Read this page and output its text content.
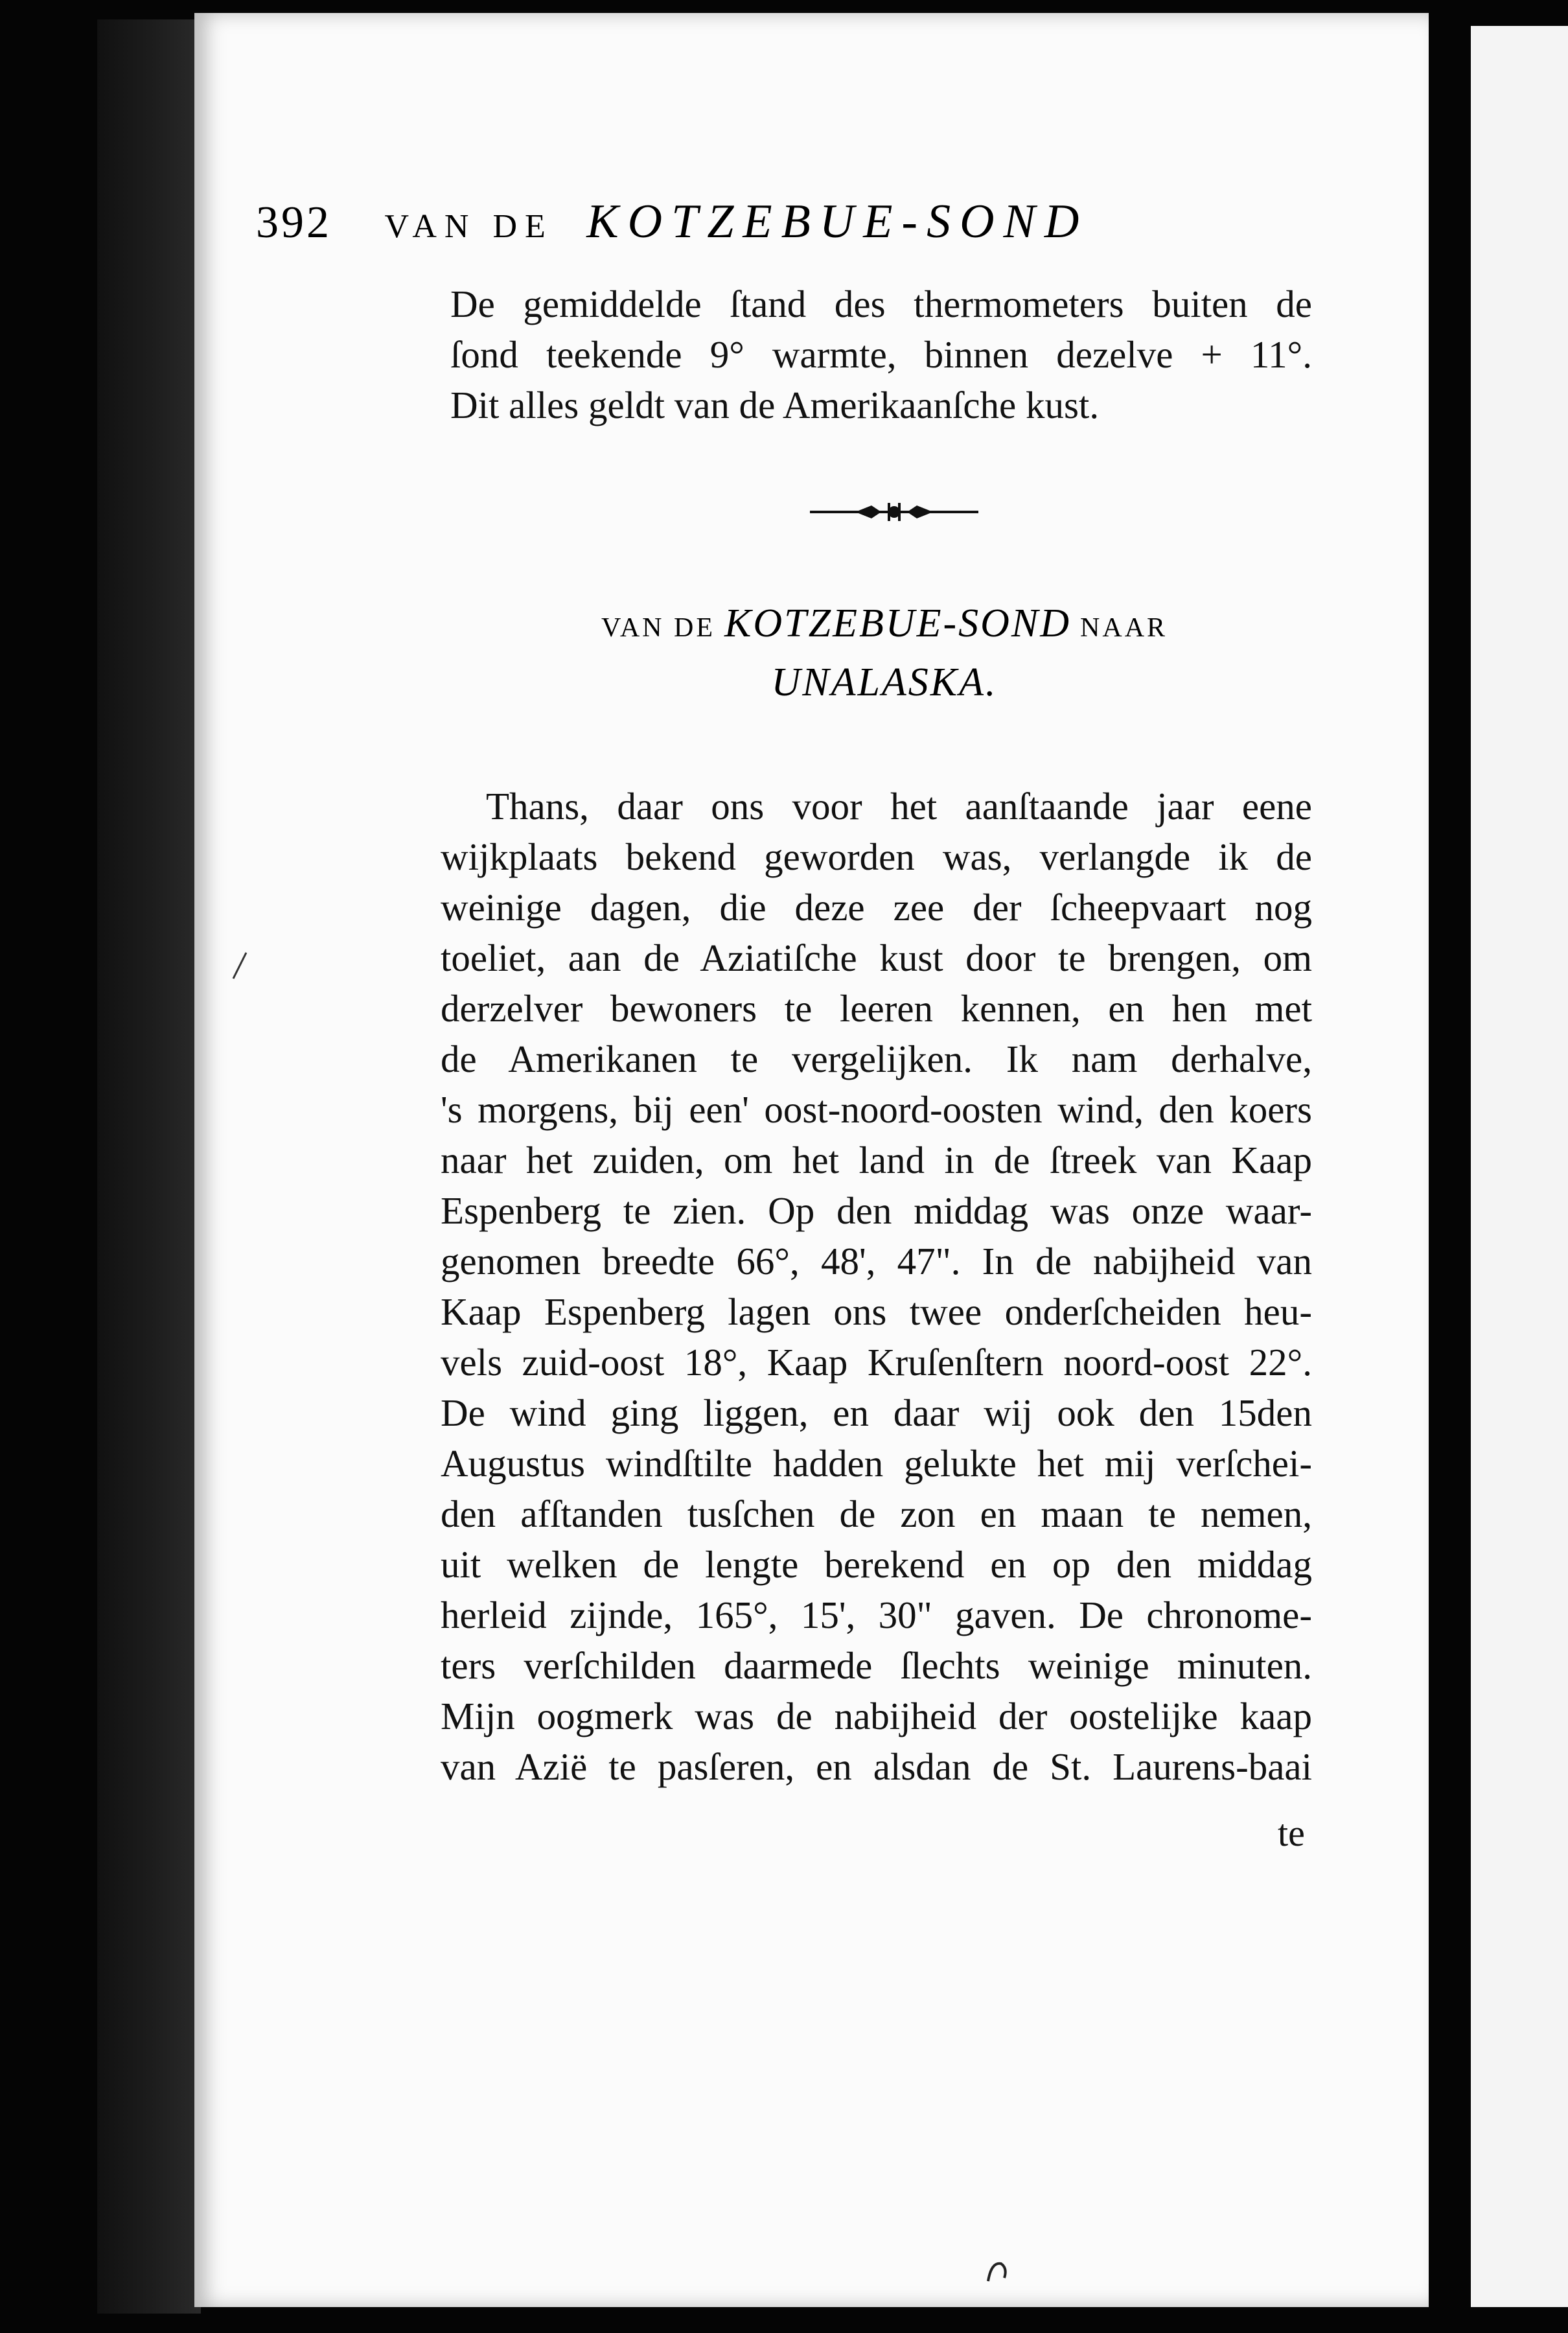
392 VAN DE KOTZEBUE-SOND
De gemiddelde ſtand des thermometers buiten de
ſond teekende 9° warmte, binnen dezelve + 11°.
Dit alles geldt van de Amerikaanſche kust.
VAN DE KOTZEBUE-SOND NAAR
UNALASKA.
Thans, daar ons voor het aanſtaande jaar eene
wijkplaats bekend geworden was, verlangde ik de
weinige dagen, die deze zee der ſcheepvaart nog
toeliet, aan de Aziatiſche kust door te brengen, om
derzelver bewoners te leeren kennen, en hen met
de Amerikanen te vergelijken. Ik nam derhalve,
's morgens, bij een' oost-noord-oosten wind, den koers
naar het zuiden, om het land in de ſtreek van Kaap
Espenberg te zien. Op den middag was onze waar-
genomen breedte 66°, 48', 47". In de nabijheid van
Kaap Espenberg lagen ons twee onderſcheiden heu-
vels zuid-oost 18°, Kaap Kruſenſtern noord-oost 22°.
De wind ging liggen, en daar wij ook den 15den
Augustus windſtilte hadden gelukte het mij verſchei-
den afſtanden tusſchen de zon en maan te nemen,
uit welken de lengte berekend en op den middag
herleid zijnde, 165°, 15', 30" gaven. De chronome-
ters verſchilden daarmede ſlechts weinige minuten.
Mijn oogmerk was de nabijheid der oostelijke kaap
van Azië te pasſeren, en alsdan de St. Laurens-baai
te
